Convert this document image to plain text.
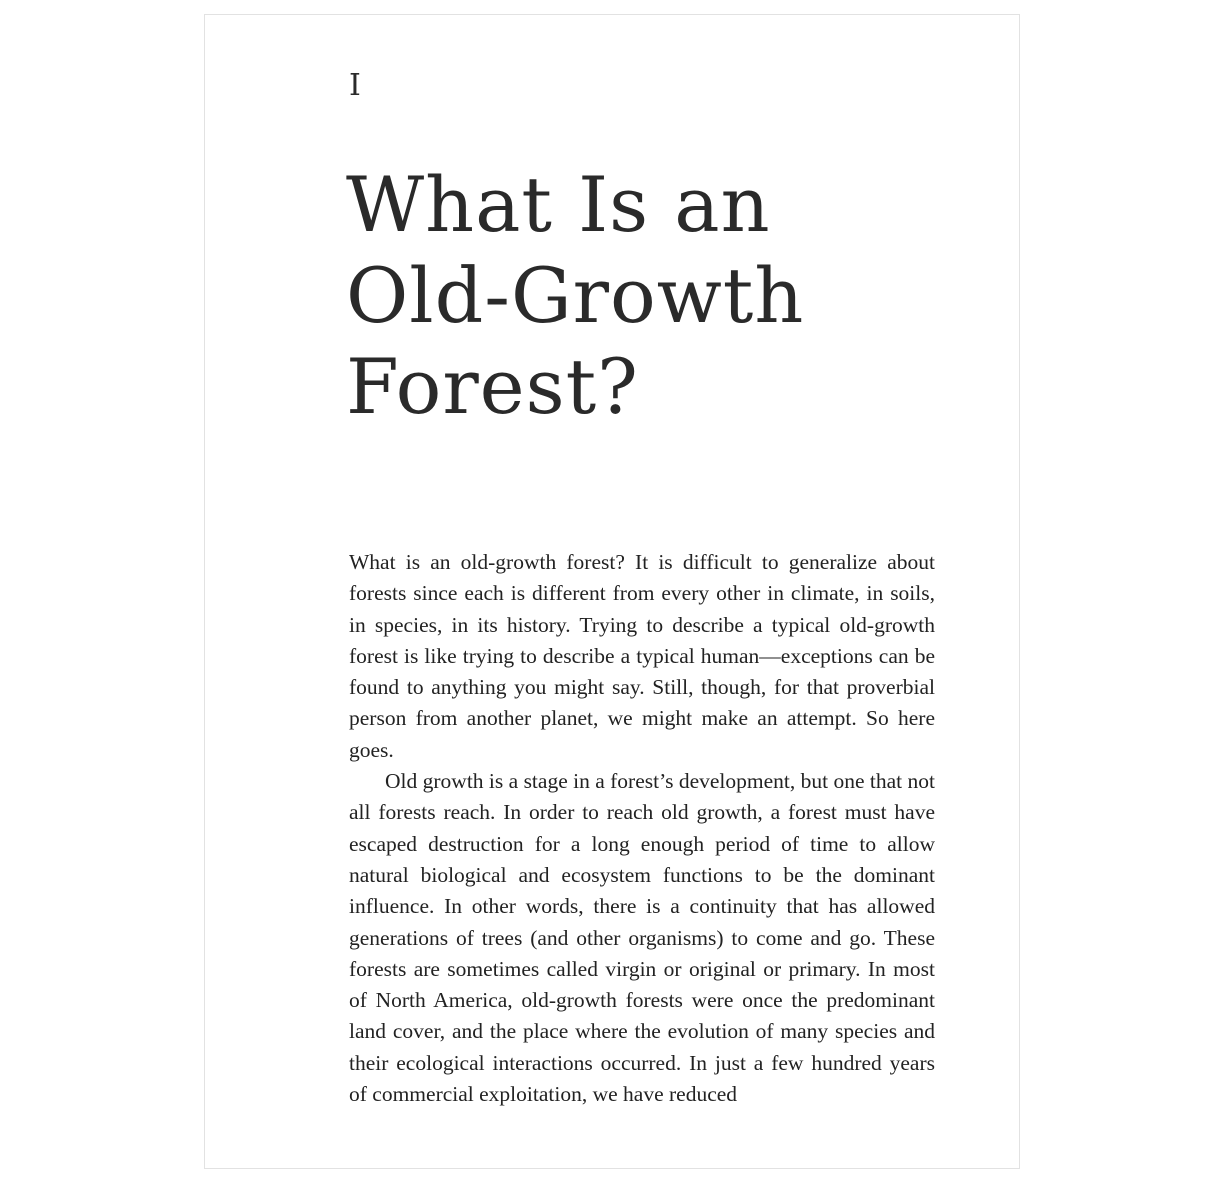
I
What Is an
Old-Growth
Forest?

What is an old-growth forest? It is difficult to generalize about forests since each is different from every other in climate, in soils, in species, in its history. Trying to describe a typical old-growth forest is like trying to describe a typical human—exceptions can be found to anything you might say. Still, though, for that proverbial person from another planet, we might make an attempt. So here goes.

Old growth is a stage in a forest’s development, but one that not all forests reach. In order to reach old growth, a forest must have escaped destruction for a long enough period of time to allow natural biological and ecosystem functions to be the dominant influence. In other words, there is a continuity that has allowed generations of trees (and other organisms) to come and go. These forests are sometimes called virgin or original or primary. In most of North America, old-growth forests were once the predominant land cover, and the place where the evolution of many species and their ecological interactions occurred. In just a few hundred years of commercial exploitation, we have reduced
